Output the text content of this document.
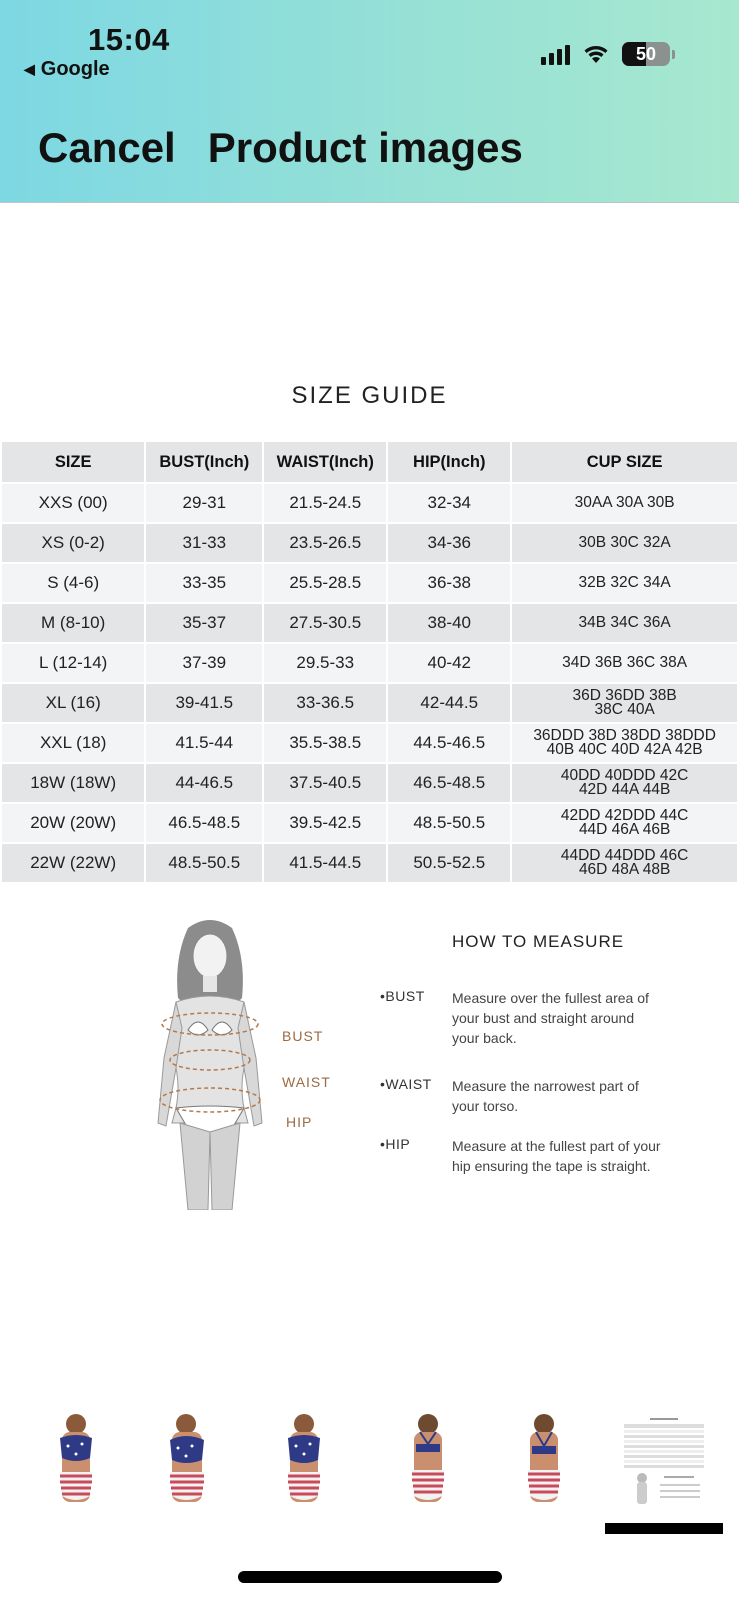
15:04
◀ Google
50
Cancel Product images
SIZE GUIDE
SIZE	BUST(Inch)	WAIST(Inch)	HIP(Inch)	CUP SIZE
XXS (00)	29-31	21.5-24.5	32-34	30AA 30A 30B
XS (0-2)	31-33	23.5-26.5	34-36	30B 30C 32A
S (4-6)	33-35	25.5-28.5	36-38	32B 32C 34A
M (8-10)	35-37	27.5-30.5	38-40	34B 34C 36A
L (12-14)	37-39	29.5-33	40-42	34D 36B 36C 38A
XL (16)	39-41.5	33-36.5	42-44.5	36D 36DD 38B
38C 40A
XXL (18)	41.5-44	35.5-38.5	44.5-46.5	36DDD 38D 38DD 38DDD
40B 40C 40D 42A 42B
18W (18W)	44-46.5	37.5-40.5	46.5-48.5	40DD 40DDD 42C
42D 44A 44B
20W (20W)	46.5-48.5	39.5-42.5	48.5-50.5	42DD 42DDD 44C
44D 46A 46B
22W (22W)	48.5-50.5	41.5-44.5	50.5-52.5	44DD 44DDD 46C
46D 48A 48B
BUST
WAIST
HIP
HOW TO MEASURE
•BUST	Measure over the fullest area of your bust and straight around your back.
•WAIST	Measure the narrowest part of your torso.
•HIP	Measure at the fullest part of your hip ensuring the tape is straight.
